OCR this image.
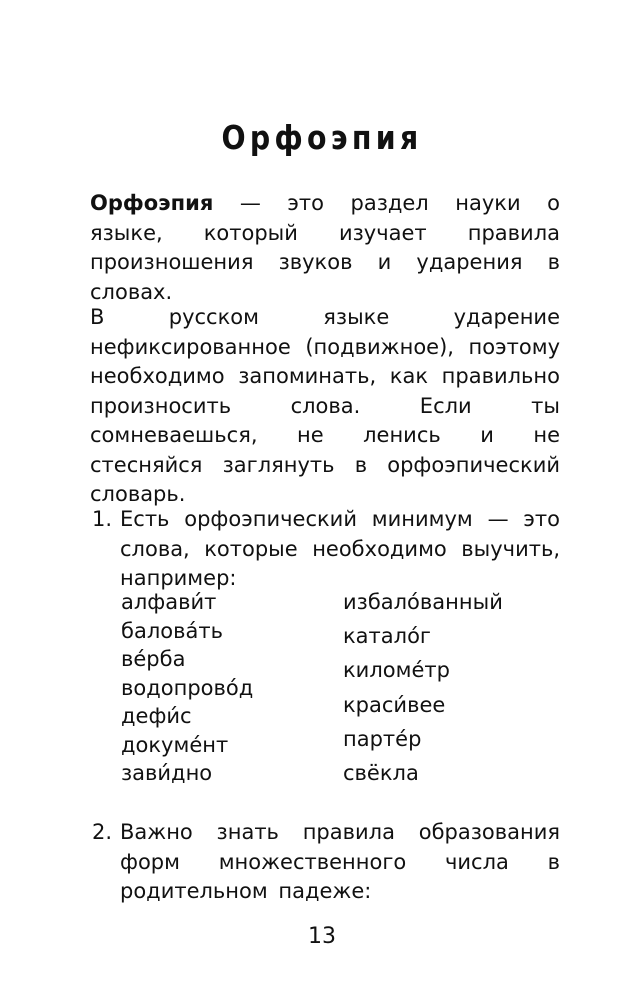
Орфоэпия
Орфоэпия — это раздел науки о языке, который изучает правила произношения звуков и ударения в словах.
В русском языке ударение нефиксированное (подвижное), поэтому необходимо запоминать, как правильно произносить слова. Если ты сомневаешься, не ленись и не стесняйся заглянуть в орфоэпический словарь.
1. Есть орфоэпический минимум — это слова, которые необходимо выучить, например:
алфави́т
балова́ть
ве́рба
водопрово́д
дефи́с
докуме́нт
зави́дно
избало́ванный
катало́г
киломе́тр
краси́вее
парте́р
свёкла
2. Важно знать правила образования форм множественного числа в родительном падеже:
13
